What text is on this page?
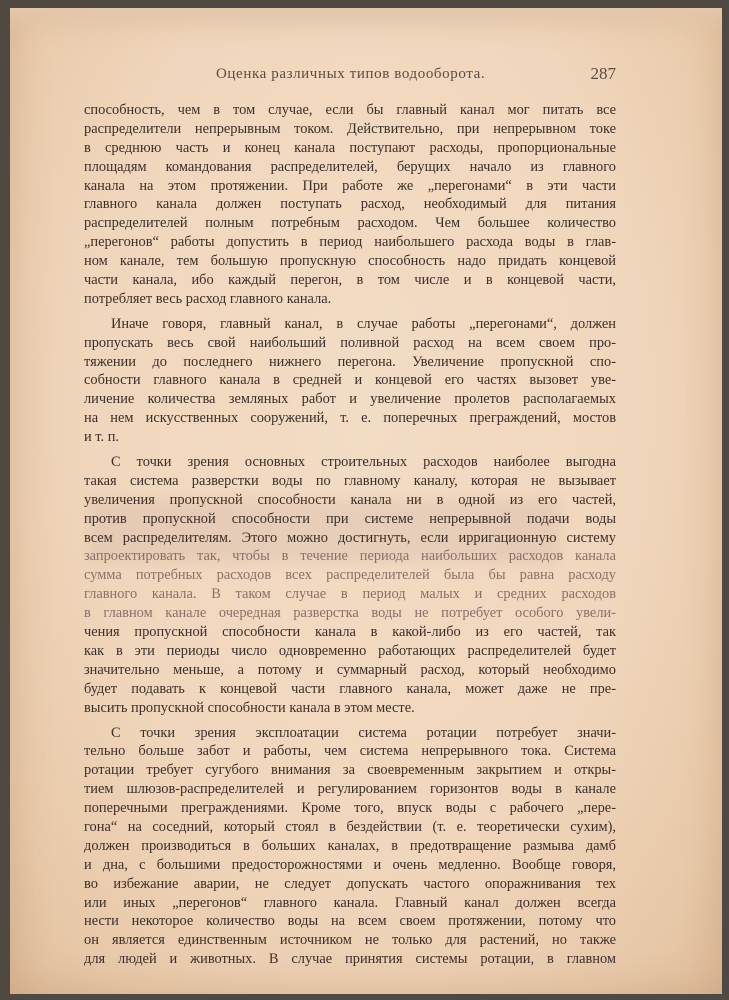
Оценка различных типов водооборота.	287
способность, чем в том случае, если бы главный канал мог питать все
распределители непрерывным током. Действительно, при непрерывном токе
в среднюю часть и конец канала поступают расходы, пропорциональные
площадям командования распределителей, берущих начало из главного
канала на этом протяжении. При работе же „перегонами“ в эти части
главного канала должен поступать расход, необходимый для питания
распределителей полным потребным расходом. Чем большее количество
„перегонов“ работы допустить в период наибольшего расхода воды в глав-
ном канале, тем большую пропускную способность надо придать концевой
части канала, ибо каждый перегон, в том числе и в концевой части,
потребляет весь расход главного канала.
Иначе говоря, главный канал, в случае работы „перегонами“, должен
пропускать весь свой наибольший поливной расход на всем своем про-
тяжении до последнего нижнего перегона. Увеличение пропускной спо-
собности главного канала в средней и концевой его частях вызовет уве-
личение количества земляных работ и увеличение пролетов располагаемых
на нем искусственных сооружений, т. е. поперечных преграждений, мостов
и т. п.
С точки зрения основных строительных расходов наиболее выгодна
такая система разверстки воды по главному каналу, которая не вызывает
увеличения пропускной способности канала ни в одной из его частей,
против пропускной способности при системе непрерывной подачи воды
всем распределителям. Этого можно достигнуть, если ирригационную систему
запроектировать так, чтобы в течение периода наибольших расходов канала
сумма потребных расходов всех распределителей была бы равна расходу
главного канала. В таком случае в период малых и средних расходов
в главном канале очередная разверстка воды не потребует особого увели-
чения пропускной способности канала в какой-либо из его частей, так
как в эти периоды число одновременно работающих распределителей будет
значительно меньше, а потому и суммарный расход, который необходимо
будет подавать к концевой части главного канала, может даже не пре-
высить пропускной способности канала в этом месте.
С точки зрения эксплоатации система ротации потребует значи-
тельно больше забот и работы, чем система непрерывного тока. Система
ротации требует сугубого внимания за своевременным закрытием и откры-
тием шлюзов-распределителей и регулированием горизонтов воды в канале
поперечными преграждениями. Кроме того, впуск воды с рабочего „пере-
гона“ на соседний, который стоял в бездействии (т. е. теоретически сухим),
должен производиться в больших каналах, в предотвращение размыва дамб
и дна, с большими предосторожностями и очень медленно. Вообще говоря,
во избежание аварии, не следует допускать частого опоражнивания тех
или иных „перегонов“ главного канала. Главный канал должен всегда
нести некоторое количество воды на всем своем протяжении, потому что
он является единственным источником не только для растений, но также
для людей и животных. В случае принятия системы ротации, в главном
